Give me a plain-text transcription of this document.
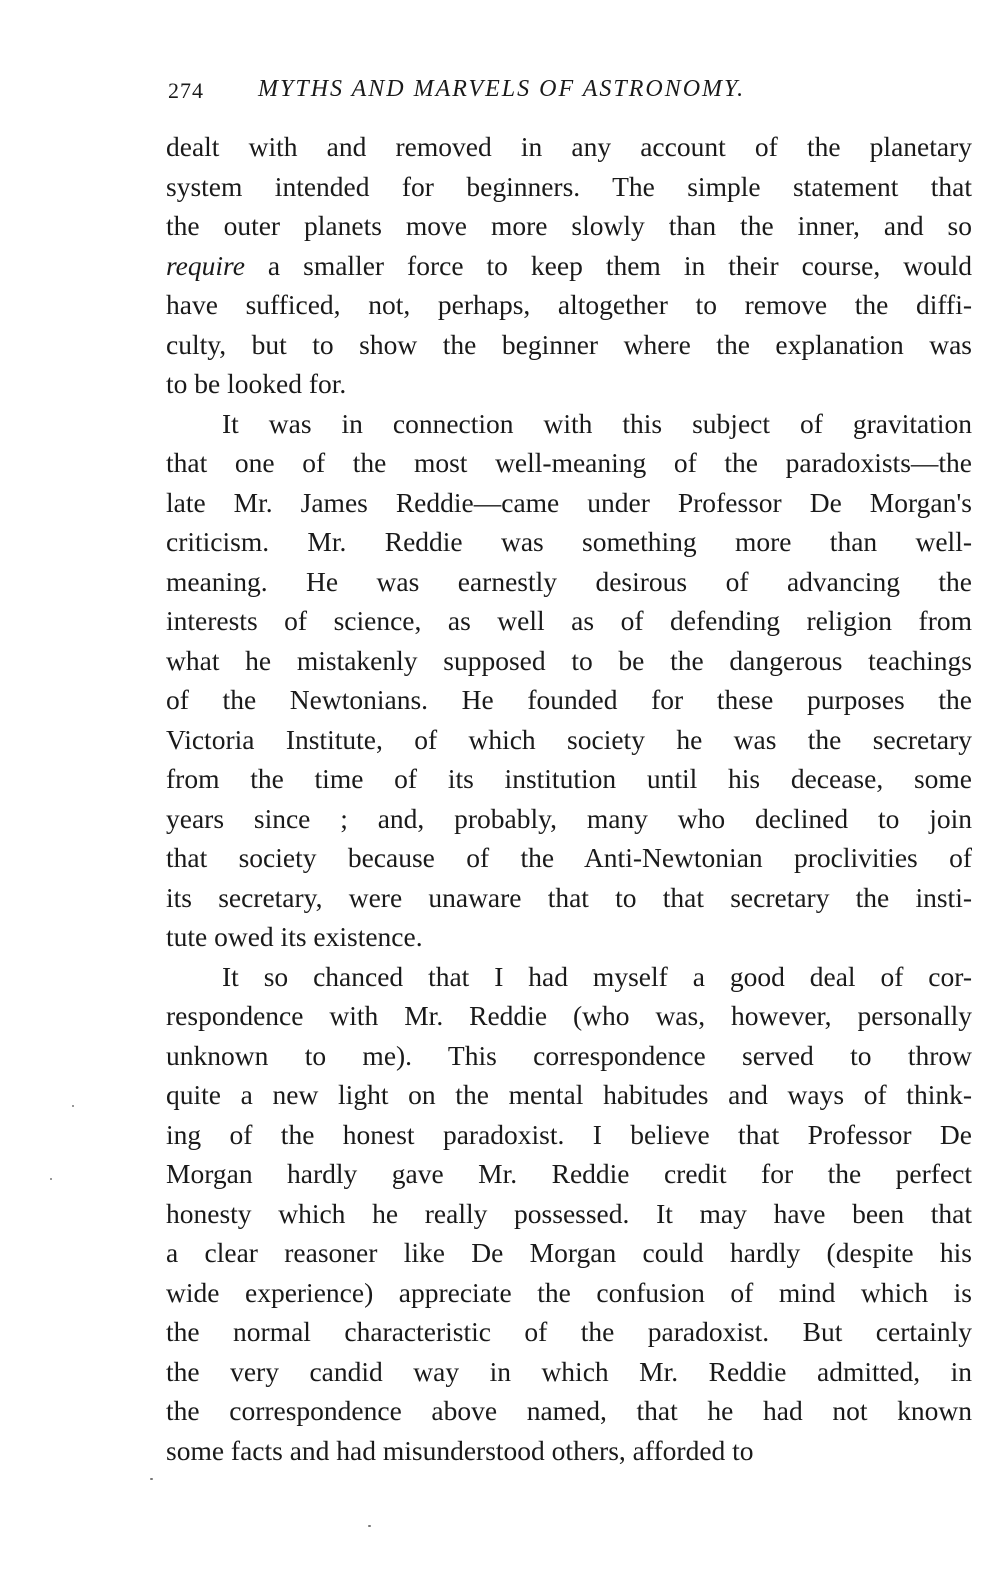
274 MYTHS AND MARVELS OF ASTRONOMY.
dealt with and removed in any account of the planetary
system intended for beginners. The simple statement that
the outer planets move more slowly than the inner, and so
require a smaller force to keep them in their course, would
have sufficed, not, perhaps, altogether to remove the diffi-
culty, but to show the beginner where the explanation was
to be looked for.
It was in connection with this subject of gravitation
that one of the most well-meaning of the paradoxists—the
late Mr. James Reddie—came under Professor De Morgan's
criticism. Mr. Reddie was something more than well-
meaning. He was earnestly desirous of advancing the
interests of science, as well as of defending religion from
what he mistakenly supposed to be the dangerous teachings
of the Newtonians. He founded for these purposes the
Victoria Institute, of which society he was the secretary
from the time of its institution until his decease, some
years since ; and, probably, many who declined to join
that society because of the Anti-Newtonian proclivities of
its secretary, were unaware that to that secretary the insti-
tute owed its existence.
It so chanced that I had myself a good deal of cor-
respondence with Mr. Reddie (who was, however, personally
unknown to me). This correspondence served to throw
quite a new light on the mental habitudes and ways of think-
ing of the honest paradoxist. I believe that Professor De
Morgan hardly gave Mr. Reddie credit for the perfect
honesty which he really possessed. It may have been that
a clear reasoner like De Morgan could hardly (despite his
wide experience) appreciate the confusion of mind which is
the normal characteristic of the paradoxist. But certainly
the very candid way in which Mr. Reddie admitted, in
the correspondence above named, that he had not known
some facts and had misunderstood others, afforded to
